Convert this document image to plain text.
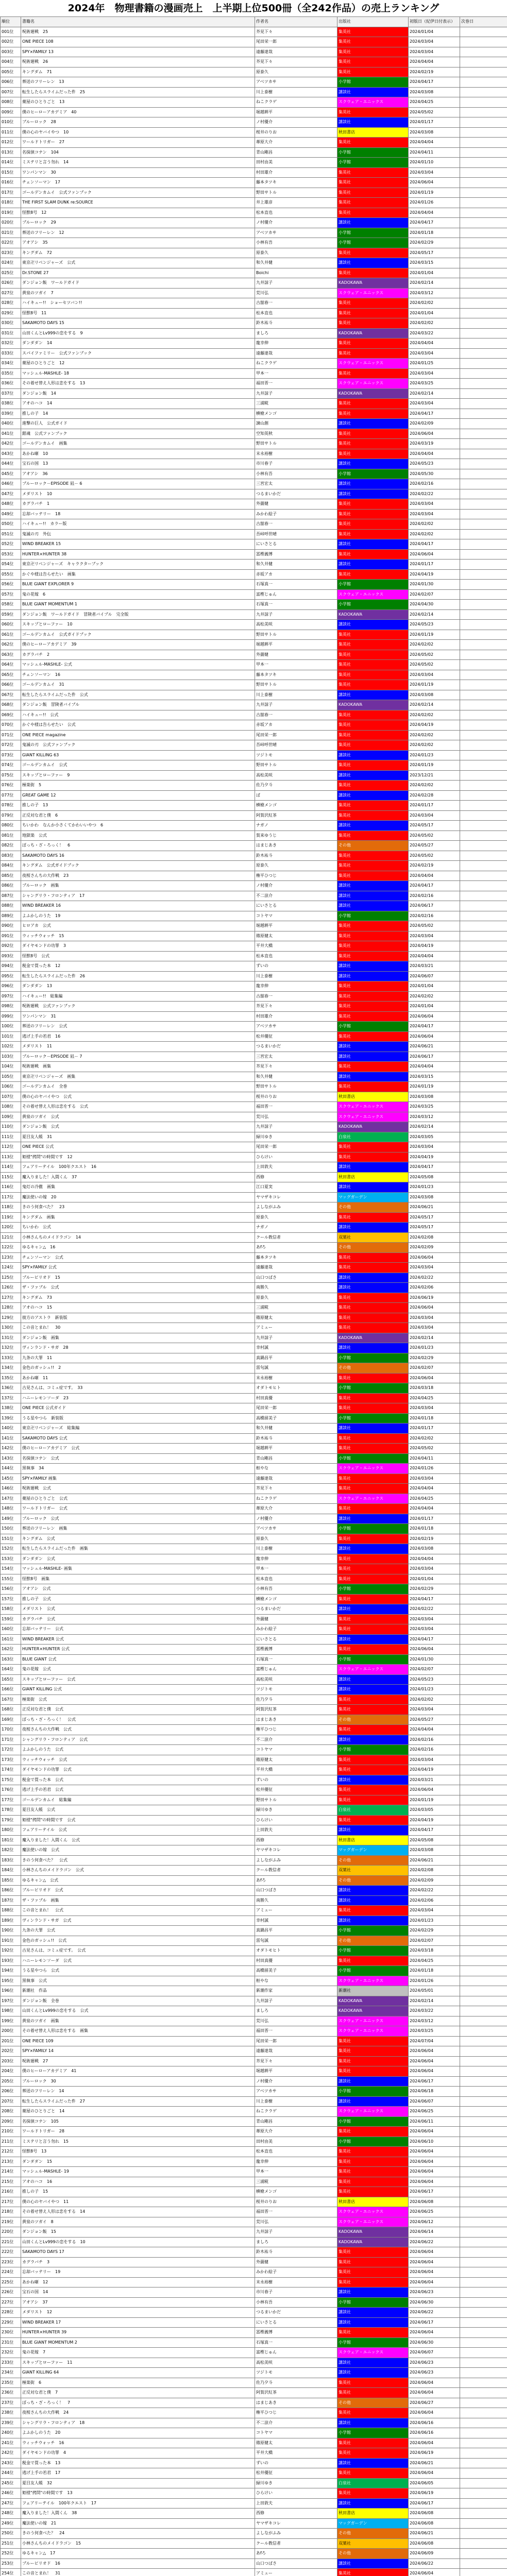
2024年　物理書籍の漫画売上　上半期上位500冊（全242作品）の売上ランキング
順位	書籍名	作者名	出版社	初版日（紀伊日付表示）	次巻日
001位	呪術廻戦　25	芥見下々	集英社	2024/01/04	
002位	ONE PIECE 108	尾田栄一郎	集英社	2024/03/04	
003位	SPY×FAMILY 13	遠藤達哉	集英社	2024/03/04	
004位	呪術廻戦　26	芥見下々	集英社	2024/04/04	
005位	キングダム　71	原泰久	集英社	2024/02/19	
006位	葬送のフリーレン　13	アベツカサ	小学館	2024/04/17	
007位	転生したらスライムだった件　25	川上泰樹	講談社	2024/03/08	
008位	薬屋のひとりごと　13	ねこクラゲ	スクウェア・エニックス	2024/04/25	
009位	僕のヒーローアカデミア　40	堀越耕平	集英社	2024/05/02	
010位	ブルーロック　28	ノ村優介	講談社	2024/01/17	
011位	僕の心のヤバイやつ　10	桜井のりお	秋田書店	2024/03/08	
012位	ワールドトリガー　27	葦原大介	集英社	2024/04/04	
013位	名探偵コナン　104	青山剛昌	小学館	2024/04/11	
014位	ミステリと言う勿れ　14	田村由美	小学館	2024/01/10	
015位	ワンパンマン　30	村田雄介	集英社	2024/03/04	
016位	チェンソーマン　17	藤本タツキ	集英社	2024/06/04	
017位	ゴールデンカムイ　公式ファンブック	野田サトル	集英社	2024/01/19	
018位	THE FIRST SLAM DUNK re:SOURCE	井上雄彦	集英社	2024/01/26	
019位	怪獣8号　12	松本直也	集英社	2024/04/04	
020位	ブルーロック　29	ノ村優介	講談社	2024/04/17	
021位	葬送のフリーレン　12	アベツカサ	小学館	2024/01/18	
022位	アオアシ　35	小林有吾	小学館	2024/02/29	
023位	キングダム　72	原泰久	集英社	2024/05/17	
024位	東京卍リベンジャーズ　公式	和久井健	講談社	2024/03/15	
025位	Dr.STONE 27	Boichi	集英社	2024/01/04	
026位	ダンジョン飯　ワールドガイド	九井諒子	KADOKAWA	2024/02/14	
027位	黄泉のツガイ　7	荒川弘	スクウェア・エニックス	2024/03/12	
028位	ハイキュー!!　ショーセツバン!!	古舘春一	集英社	2024/02/02	
029位	怪獣8号　11	松本直也	集英社	2024/01/04	
030位	SAKAMOTO DAYS 15	鈴木祐斗	集英社	2024/02/02	
031位	山田くんとLv999の恋をする　9	ましろ	KADOKAWA	2024/03/22	
032位	ダンダダン　14	龍幸伸	集英社	2024/04/04	
033位	スパイファミリー　公式ファンブック	遠藤達哉	集英社	2024/03/04	
034位	薬屋のひとりごと　12	ねこクラゲ	スクウェア・エニックス	2024/01/25	
035位	マッシュル-MASHLE- 18	甲本一	集英社	2024/03/04	
036位	その着せ替え人形は恋をする　13	福田晋一	スクウェア・エニックス	2024/03/25	
037位	ダンジョン飯　14	九井諒子	KADOKAWA	2024/02/14	
038位	アオのハコ　14	三浦糀	集英社	2024/03/04	
039位	推しの子　14	横槍メンゴ	集英社	2024/04/17	
040位	進撃の巨人　公式ガイド	諫山創	講談社	2024/02/09	
041位	銀魂　公式ファンブック	空知英秋	集英社	2024/06/04	
042位	ゴールデンカムイ　画集	野田サトル	集英社	2024/03/19	
043位	あかね噺　10	末永裕樹	集英社	2024/04/04	
044位	宝石の国　13	市川春子	講談社	2024/05/23	
045位	アオアシ　36	小林有吾	小学館	2024/05/30	
046位	ブルーロック－EPISODE 凪－ 6	三宮宏太	講談社	2024/02/16	
047位	メダリスト　10	つるまいかだ	講談社	2024/02/22	
048位	カグラバチ　1	外薗健	集英社	2024/03/04	
049位	忘却バッテリー　18	みかわ絵子	集英社	2024/03/04	
050位	ハイキュー!!　カラー版	古舘春一	集英社	2024/02/02	
051位	鬼滅の刃　外伝	吾峠呼世晴	集英社	2024/02/02	
052位	WIND BREAKER 15	にいさとる	講談社	2024/04/17	
053位	HUNTER×HUNTER 38	冨樫義博	集英社	2024/06/04	
054位	東京卍リベンジャーズ　キャラクターブック	和久井健	講談社	2024/01/17	
055位	かぐや様は告らせたい　画集	赤坂アカ	集英社	2024/04/19	
056位	BLUE GIANT EXPLORER 9	石塚真一	小学館	2024/01/30	
057位	鬼の花嫁　6	富樫じゅん	スクウェア・エニックス	2024/02/07	
058位	BLUE GIANT MOMENTUM 1	石塚真一	小学館	2024/04/30	
059位	ダンジョン飯　ワールドガイド　冒険者バイブル　完全版	九井諒子	KADOKAWA	2024/02/14	
060位	スキップとローファー　10	高松美咲	講談社	2024/05/23	
061位	ゴールデンカムイ　公式ガイドブック	野田サトル	集英社	2024/01/19	
062位	僕のヒーローアカデミア　39	堀越耕平	集英社	2024/02/02	
063位	カグラバチ　2	外薗健	集英社	2024/05/02	
064位	マッシュル-MASHLE- 公式	甲本一	集英社	2024/05/02	
065位	チェンソーマン　16	藤本タツキ	集英社	2024/03/04	
066位	ゴールデンカムイ　31	野田サトル	集英社	2024/01/19	
067位	転生したらスライムだった件　公式	川上泰樹	講談社	2024/03/08	
068位	ダンジョン飯　冒険者バイブル	九井諒子	KADOKAWA	2024/02/14	
069位	ハイキュー!!　公式	古舘春一	集英社	2024/02/02	
070位	かぐや様は告らせたい　公式	赤坂アカ	集英社	2024/04/19	
071位	ONE PIECE magazine	尾田栄一郎	集英社	2024/02/02	
072位	鬼滅の刃　公式ファンブック	吾峠呼世晴	集英社	2024/02/02	
073位	GIANT KILLING 63	ツジトモ	講談社	2024/01/23	
074位	ゴールデンカムイ　公式	野田サトル	集英社	2024/01/19	
075位	スキップとローファー　9	高松美咲	講談社	2023/12/21	
076位	極楽街　5	佐乃夕斗	集英社	2024/02/02	
077位	GREAT GAME 12	ぱ	講談社	2024/02/28	
078位	推しの子　13	横槍メンゴ	集英社	2024/01/17	
079位	正反対な君と僕　6	阿賀沢紅茶	集英社	2024/03/04	
080位	ちいかわ　なんか小さくてかわいいやつ　6	ナガノ	講談社	2024/05/17	
081位	地獄楽　公式	賀来ゆうじ	集英社	2024/05/02	
082位	ぼっち・ざ・ろっく！　6	はまじあき	その他	2024/05/27	
083位	SAKAMOTO DAYS 16	鈴木祐斗	集英社	2024/05/02	
084位	キングダム　公式ガイドブック	原泰久	集英社	2024/02/19	
085位	夜桜さんちの大作戦　23	権平ひつじ	集英社	2024/04/04	
086位	ブルーロック　画集	ノ村優介	講談社	2024/04/17	
087位	シャングリラ・フロンティア　17	不二涼介	講談社	2024/02/16	
088位	WIND BREAKER 16	にいさとる	講談社	2024/06/17	
089位	よふかしのうた　19	コトヤマ	小学館	2024/02/16	
090位	ヒロアカ　公式	堀越耕平	集英社	2024/05/02	
091位	ウィッチウォッチ　15	篠原健太	集英社	2024/03/04	
092位	ダイヤモンドの功罪　3	平井大橋	集英社	2024/04/19	
093位	怪獣8号　公式	松本直也	集英社	2024/04/04	
094位	税金で買った本　12	ずいの	講談社	2024/03/21	
095位	転生したらスライムだった件　26	川上泰樹	講談社	2024/06/07	
096位	ダンダダン　13	龍幸伸	集英社	2024/01/04	
097位	ハイキュー!!　総集編	古舘春一	集英社	2024/02/02	
098位	呪術廻戦　公式ファンブック	芥見下々	集英社	2024/01/04	
099位	ワンパンマン　31	村田雄介	集英社	2024/06/04	
100位	葬送のフリーレン　公式	アベツカサ	小学館	2024/04/17	
101位	逃げ上手の若君　16	松井優征	集英社	2024/06/04	
102位	メダリスト　11	つるまいかだ	講談社	2024/06/21	
103位	ブルーロック－EPISODE 凪－ 7	三宮宏太	講談社	2024/06/17	
104位	呪術廻戦　画集	芥見下々	集英社	2024/04/04	
105位	東京卍リベンジャーズ　画集	和久井健	講談社	2024/03/15	
106位	ゴールデンカムイ　全巻	野田サトル	集英社	2024/01/19	
107位	僕の心のヤバイやつ　公式	桜井のりお	秋田書店	2024/03/08	
108位	その着せ替え人形は恋をする　公式	福田晋一	スクウェア・エニックス	2024/03/25	
109位	黄泉のツガイ　公式	荒川弘	スクウェア・エニックス	2024/03/12	
110位	ダンジョン飯　公式	九井諒子	KADOKAWA	2024/02/14	
111位	夏目友人帳　31	緑川ゆき	白泉社	2024/03/05	
112位	ONE PIECE 公式	尾田栄一郎	集英社	2024/03/04	
113位	姫様"拷問"の時間です　12	ひらけい	集英社	2024/04/19	
114位	フェアリーテイル　100年クエスト　16	上田敦夫	講談社	2024/04/17	
115位	魔入りました！入間くん　37	西修	秋田書店	2024/05/08	
116位	鬼灯の冷徹　画集	江口夏実	講談社	2024/01/23	
117位	魔法使いの嫁　20	ヤマザキコレ	マッグガーデン	2024/03/08	
118位	きのう何食べた？　23	よしながふみ	その他	2024/06/21	
119位	キングダム　画集	原泰久	集英社	2024/05/17	
120位	ちいかわ　公式	ナガノ	講談社	2024/05/17	
121位	小林さんちのメイドラゴン　14	クール教信者	双葉社	2024/02/08	
122位	ゆるキャン△　16	あfろ	その他	2024/02/09	
123位	チェンソーマン　公式	藤本タツキ	集英社	2024/06/04	
124位	SPY×FAMILY 公式	遠藤達哉	集英社	2024/03/04	
125位	ブルーピリオド　15	山口つばさ	講談社	2024/02/22	
126位	ザ・ファブル　公式	南勝久	講談社	2024/02/06	
127位	キングダム　73	原泰久	集英社	2024/06/19	
128位	アオのハコ　15	三浦糀	集英社	2024/06/04	
129位	彼方のアストラ　新装版	篠原健太	集英社	2024/03/04	
130位	この音とまれ！　30	アミュー	集英社	2024/03/04	
131位	ダンジョン飯　画集	九井諒子	KADOKAWA	2024/02/14	
132位	ヴィンランド・サガ　28	幸村誠	講談社	2024/01/23	
133位	九条の大罪　11	真鍋昌平	小学館	2024/02/29	
134位	金色のガッシュ!!　2	雷句誠	その他	2024/02/07	
135位	あかね噺　11	末永裕樹	集英社	2024/06/04	
136位	古見さんは、コミュ症です。　33	オダトモヒト	小学館	2024/03/18	
137位	ハニーレモンソーダ　23	村田真優	集英社	2024/04/25	
138位	ONE PIECE 公式ガイド	尾田栄一郎	集英社	2024/03/04	
139位	うる星やつら　新装版	高橋留美子	小学館	2024/01/18	
140位	東京卍リベンジャーズ　総集編	和久井健	講談社	2024/01/17	
141位	SAKAMOTO DAYS 公式	鈴木祐斗	集英社	2024/02/02	
142位	僕のヒーローアカデミア　公式	堀越耕平	集英社	2024/05/02	
143位	名探偵コナン　公式	青山剛昌	小学館	2024/04/11	
144位	黒執事　34	枢やな	スクウェア・エニックス	2024/01/26	
145位	SPY×FAMILY 画集	遠藤達哉	集英社	2024/03/04	
146位	呪術廻戦　公式	芥見下々	集英社	2024/04/04	
147位	薬屋のひとりごと　公式	ねこクラゲ	スクウェア・エニックス	2024/04/25	
148位	ワールドトリガー　公式	葦原大介	集英社	2024/04/04	
149位	ブルーロック　公式	ノ村優介	講談社	2024/01/17	
150位	葬送のフリーレン　画集	アベツカサ	小学館	2024/01/18	
151位	キングダム　公式	原泰久	集英社	2024/02/19	
152位	転生したらスライムだった件　画集	川上泰樹	講談社	2024/03/08	
153位	ダンダダン　公式	龍幸伸	集英社	2024/04/04	
154位	マッシュル-MASHLE- 画集	甲本一	集英社	2024/03/04	
155位	怪獣8号　画集	松本直也	集英社	2024/01/04	
156位	アオアシ　公式	小林有吾	小学館	2024/02/29	
157位	推しの子　公式	横槍メンゴ	集英社	2024/04/17	
158位	メダリスト　公式	つるまいかだ	講談社	2024/02/22	
159位	カグラバチ　公式	外薗健	集英社	2024/03/04	
160位	忘却バッテリー　公式	みかわ絵子	集英社	2024/03/04	
161位	WIND BREAKER 公式	にいさとる	講談社	2024/04/17	
162位	HUNTER×HUNTER 公式	冨樫義博	集英社	2024/06/04	
163位	BLUE GIANT 公式	石塚真一	小学館	2024/01/30	
164位	鬼の花嫁　公式	富樫じゅん	スクウェア・エニックス	2024/02/07	
165位	スキップとローファー　公式	高松美咲	講談社	2024/05/23	
166位	GIANT KILLING 公式	ツジトモ	講談社	2024/01/23	
167位	極楽街　公式	佐乃夕斗	集英社	2024/02/02	
168位	正反対な君と僕　公式	阿賀沢紅茶	集英社	2024/03/04	
169位	ぼっち・ざ・ろっく！　公式	はまじあき	その他	2024/05/27	
170位	夜桜さんちの大作戦　公式	権平ひつじ	集英社	2024/04/04	
171位	シャングリラ・フロンティア　公式	不二涼介	講談社	2024/02/16	
172位	よふかしのうた　公式	コトヤマ	小学館	2024/02/16	
173位	ウィッチウォッチ　公式	篠原健太	集英社	2024/03/04	
174位	ダイヤモンドの功罪　公式	平井大橋	集英社	2024/04/19	
175位	税金で買った本　公式	ずいの	講談社	2024/03/21	
176位	逃げ上手の若君　公式	松井優征	集英社	2024/06/04	
177位	ゴールデンカムイ　総集編	野田サトル	集英社	2024/01/19	
178位	夏目友人帳　公式	緑川ゆき	白泉社	2024/03/05	
179位	姫様"拷問"の時間です　公式	ひらけい	集英社	2024/04/19	
180位	フェアリーテイル　公式	上田敦夫	講談社	2024/04/17	
181位	魔入りました！入間くん　公式	西修	秋田書店	2024/05/08	
182位	魔法使いの嫁　公式	ヤマザキコレ	マッグガーデン	2024/03/08	
183位	きのう何食べた？　公式	よしながふみ	その他	2024/06/21	
184位	小林さんちのメイドラゴン　公式	クール教信者	双葉社	2024/02/08	
185位	ゆるキャン△　公式	あfろ	その他	2024/02/09	
186位	ブルーピリオド　公式	山口つばさ	講談社	2024/02/22	
187位	ザ・ファブル　画集	南勝久	講談社	2024/02/06	
188位	この音とまれ！　公式	アミュー	集英社	2024/03/04	
189位	ヴィンランド・サガ　公式	幸村誠	講談社	2024/01/23	
190位	九条の大罪　公式	真鍋昌平	小学館	2024/02/29	
191位	金色のガッシュ!!　公式	雷句誠	その他	2024/02/07	
192位	古見さんは、コミュ症です。　公式	オダトモヒト	小学館	2024/03/18	
193位	ハニーレモンソーダ　公式	村田真優	集英社	2024/04/25	
194位	うる星やつら　公式	高橋留美子	小学館	2024/01/18	
195位	黒執事　公式	枢やな	スクウェア・エニックス	2024/01/26	
196位	新潮社　作品	新潮作家	新潮社	2024/05/01	
197位	ダンジョン飯　全巻	九井諒子	KADOKAWA	2024/02/14	
198位	山田くんとLv999の恋をする　公式	ましろ	KADOKAWA	2024/03/22	
199位	黄泉のツガイ　画集	荒川弘	スクウェア・エニックス	2024/03/12	
200位	その着せ替え人形は恋をする　画集	福田晋一	スクウェア・エニックス	2024/03/25	
201位	ONE PIECE 109	尾田栄一郎	集英社	2024/07/04	
202位	SPY×FAMILY 14	遠藤達哉	集英社	2024/06/04	
203位	呪術廻戦　27	芥見下々	集英社	2024/06/04	
204位	僕のヒーローアカデミア　41	堀越耕平	集英社	2024/06/04	
205位	ブルーロック　30	ノ村優介	講談社	2024/06/17	
206位	葬送のフリーレン　14	アベツカサ	小学館	2024/06/18	
207位	転生したらスライムだった件　27	川上泰樹	講談社	2024/06/07	
208位	薬屋のひとりごと　14	ねこクラゲ	スクウェア・エニックス	2024/06/25	
209位	名探偵コナン　105	青山剛昌	小学館	2024/06/11	
210位	ワールドトリガー　28	葦原大介	集英社	2024/06/04	
211位	ミステリと言う勿れ　15	田村由美	小学館	2024/06/10	
212位	怪獣8号　13	松本直也	集英社	2024/06/04	
213位	ダンダダン　15	龍幸伸	集英社	2024/06/04	
214位	マッシュル-MASHLE- 19	甲本一	集英社	2024/06/04	
215位	アオのハコ　16	三浦糀	集英社	2024/06/04	
216位	推しの子　15	横槍メンゴ	集英社	2024/06/17	
217位	僕の心のヤバイやつ　11	桜井のりお	秋田書店	2024/06/08	
218位	その着せ替え人形は恋をする　14	福田晋一	スクウェア・エニックス	2024/06/25	
219位	黄泉のツガイ　8	荒川弘	スクウェア・エニックス	2024/06/12	
220位	ダンジョン飯　15	九井諒子	KADOKAWA	2024/06/14	
221位	山田くんとLv999の恋をする　10	ましろ	KADOKAWA	2024/06/22	
222位	SAKAMOTO DAYS 17	鈴木祐斗	集英社	2024/06/04	
223位	カグラバチ　3	外薗健	集英社	2024/06/04	
224位	忘却バッテリー　19	みかわ絵子	集英社	2024/06/04	
225位	あかね噺　12	末永裕樹	集英社	2024/06/04	
226位	宝石の国　14	市川春子	講談社	2024/06/23	
227位	アオアシ　37	小林有吾	小学館	2024/06/30	
228位	メダリスト　12	つるまいかだ	講談社	2024/06/22	
229位	WIND BREAKER 17	にいさとる	講談社	2024/06/17	
230位	HUNTER×HUNTER 39	冨樫義博	集英社	2024/06/04	
231位	BLUE GIANT MOMENTUM 2	石塚真一	小学館	2024/06/30	
232位	鬼の花嫁　7	富樫じゅん	スクウェア・エニックス	2024/06/07	
233位	スキップとローファー　11	高松美咲	講談社	2024/06/23	
234位	GIANT KILLING 64	ツジトモ	講談社	2024/06/23	
235位	極楽街　6	佐乃夕斗	集英社	2024/06/04	
236位	正反対な君と僕　7	阿賀沢紅茶	集英社	2024/06/04	
237位	ぼっち・ざ・ろっく！　7	はまじあき	その他	2024/06/27	
238位	夜桜さんちの大作戦　24	権平ひつじ	集英社	2024/06/04	
239位	シャングリラ・フロンティア　18	不二涼介	講談社	2024/06/16	
240位	よふかしのうた　20	コトヤマ	小学館	2024/06/16	
241位	ウィッチウォッチ　16	篠原健太	集英社	2024/06/04	
242位	ダイヤモンドの功罪　4	平井大橋	集英社	2024/06/19	
243位	税金で買った本　13	ずいの	講談社	2024/06/21	
244位	逃げ上手の若君　17	松井優征	集英社	2024/06/04	
245位	夏目友人帳　32	緑川ゆき	白泉社	2024/06/05	
246位	姫様"拷問"の時間です　13	ひらけい	集英社	2024/06/19	
247位	フェアリーテイル　100年クエスト　17	上田敦夫	講談社	2024/06/17	
248位	魔入りました！入間くん　38	西修	秋田書店	2024/06/08	
249位	魔法使いの嫁　21	ヤマザキコレ	マッグガーデン	2024/06/08	
250位	きのう何食べた？　24	よしながふみ	その他	2024/06/21	
251位	小林さんちのメイドラゴン　15	クール教信者	双葉社	2024/06/08	
252位	ゆるキャン△　17	あfろ	その他	2024/06/09	
253位	ブルーピリオド　16	山口つばさ	講談社	2024/06/22	
254位	この音とまれ！　31	アミュー	集英社	2024/06/04	
